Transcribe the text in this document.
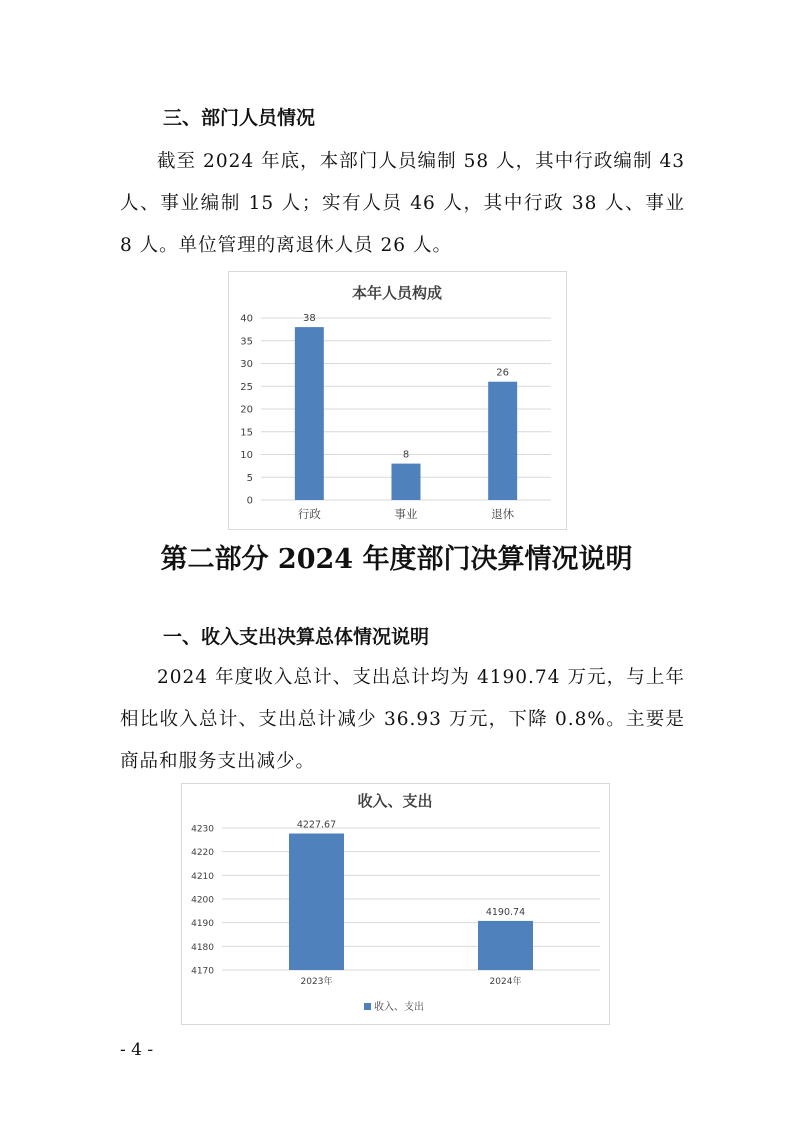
三、部门人员情况

截至 2024 年底，本部门人员编制 58 人，其中行政编制 43 人、事业编制 15 人；实有人员 46 人，其中行政 38 人、事业 8 人。单位管理的离退休人员 26 人。

本年人员构成
0
5
10
15
20
25
30
35
40	38
行政
8
事业
26
退休

第二部分 2024 年度部门决算情况说明

一、收入支出决算总体情况说明

2024 年度收入总计、支出总计均为 4190.74 万元，与上年相比收入总计、支出总计减少 36.93 万元，下降 0.8%。主要是商品和服务支出减少。

收入、支出
4170
4180
4190
4200
4210
4220
4230	4227.67
2023年
4190.74
2024年
收入、支出

- 4 -
